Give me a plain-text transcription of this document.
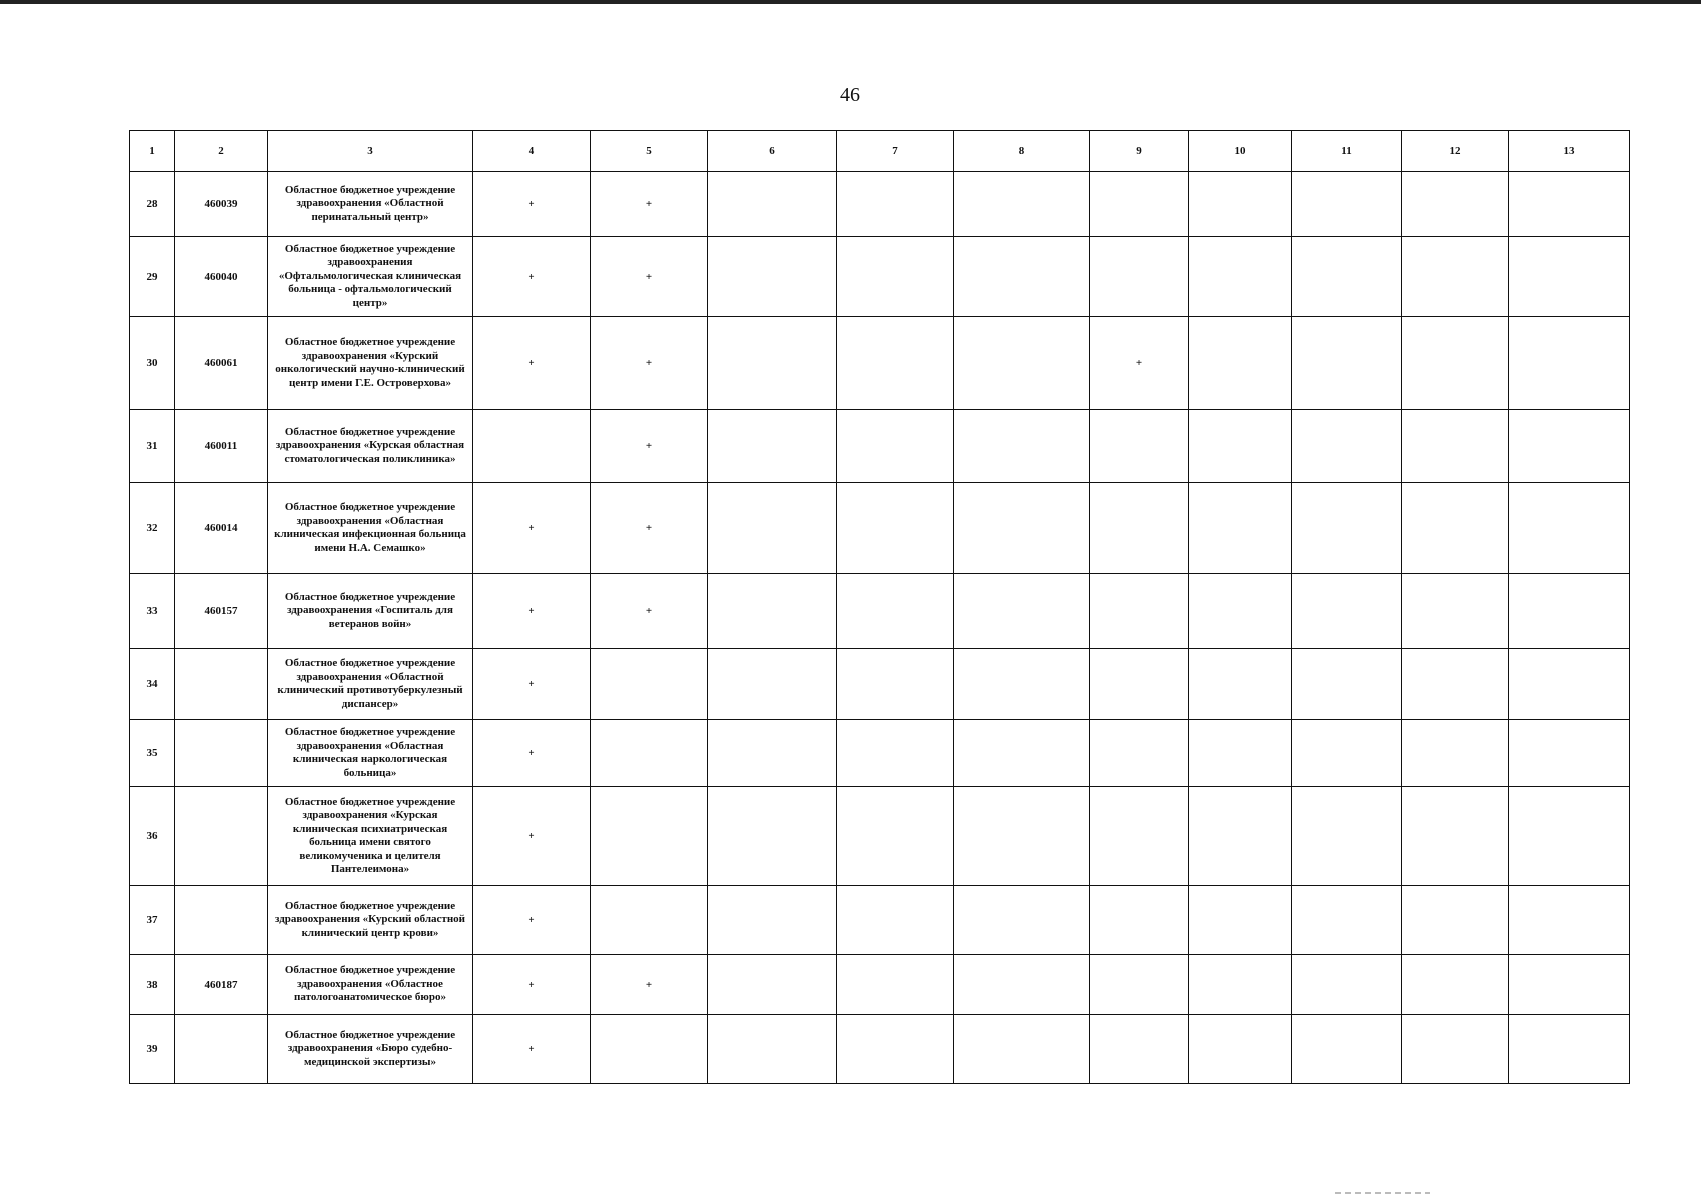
46
1	2	3	4	5	6	7	8	9	10	11	12	13
28	460039	Областное бюджетное учреждение здравоохранения «Областной перинатальный центр»	+	+								
29	460040	Областное бюджетное учреждение здравоохранения «Офтальмологическая клиническая больница - офтальмологический центр»	+	+								
30	460061	Областное бюджетное учреждение здравоохранения «Курский онкологический научно-клинический центр имени Г.Е. Островерхова»	+	+				+				
31	460011	Областное бюджетное учреждение здравоохранения «Курская областная стоматологическая поликлиника»		+								
32	460014	Областное бюджетное учреждение здравоохранения «Областная клиническая инфекционная больница имени Н.А. Семашко»	+	+								
33	460157	Областное бюджетное учреждение здравоохранения «Госпиталь для ветеранов войн»	+	+								
34		Областное бюджетное учреждение здравоохранения «Областной клинический противотуберкулезный диспансер»	+									
35		Областное бюджетное учреждение здравоохранения «Областная клиническая наркологическая больница»	+									
36		Областное бюджетное учреждение здравоохранения «Курская клиническая психиатрическая больница имени святого великомученика и целителя Пантелеимона»	+									
37		Областное бюджетное учреждение здравоохранения «Курский областной клинический центр крови»	+									
38	460187	Областное бюджетное учреждение здравоохранения «Областное патологоанатомическое бюро»	+	+								
39		Областное бюджетное учреждение здравоохранения «Бюро судебно-медицинской экспертизы»	+									
